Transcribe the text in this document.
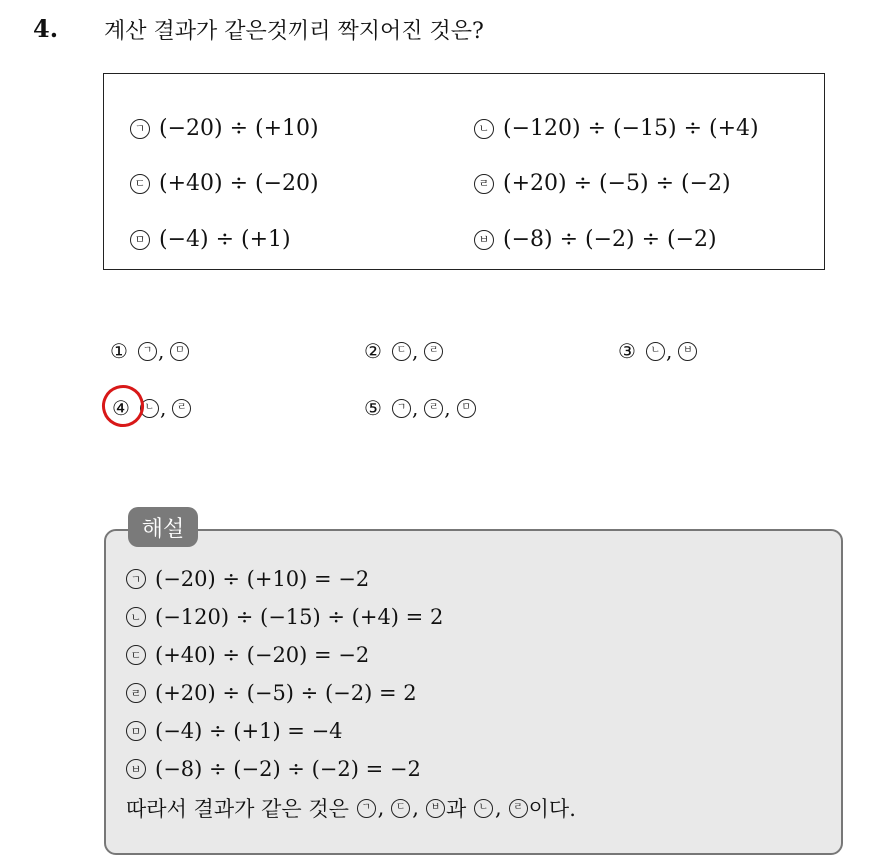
4. 계산 결과가 같은것끼리 짝지어진 것은?
ㄱ (−20) ÷ (+10)	ㄴ (−120) ÷ (−15) ÷ (+4)
ㄷ (+40) ÷ (−20)	ㄹ (+20) ÷ (−5) ÷ (−2)
ㅁ (−4) ÷ (+1)	ㅂ (−8) ÷ (−2) ÷ (−2)
①	ㄱ ,	ㅁ	②	ㄷ ,	ㄹ	③	ㄴ ,	ㅂ
④	ㄴ ,	ㄹ	⑤	ㄱ ,	ㄹ ,	ㅁ
해설
ㄱ (−20) ÷ (+10) = −2
ㄴ (−120) ÷ (−15) ÷ (+4) = 2
ㄷ (+40) ÷ (−20) = −2
ㄹ (+20) ÷ (−5) ÷ (−2) = 2
ㅁ (−4) ÷ (+1) = −4
ㅂ (−8) ÷ (−2) ÷ (−2) = −2
따라서 결과가 같은 것은
	ㄱ ,	ㄷ ,	ㅂ 과
	ㄴ ,	ㄹ 이다.
